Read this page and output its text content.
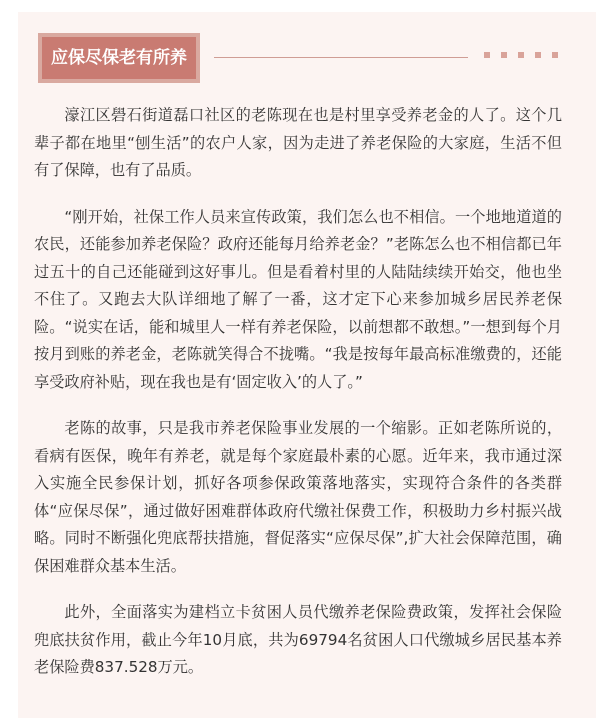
应保尽保老有所养

濠江区礐石街道磊口社区的老陈现在也是村里享受养老金的人了。这个几辈子都在地里“刨生活”的农户人家，因为走进了养老保险的大家庭，生活不但有了保障，也有了品质。

“刚开始，社保工作人员来宣传政策，我们怎么也不相信。一个地地道道的农民，还能参加养老保险？政府还能每月给养老金？”老陈怎么也不相信都已年过五十的自己还能碰到这好事儿。但是看着村里的人陆陆续续开始交，他也坐不住了。又跑去大队详细地了解了一番，这才定下心来参加城乡居民养老保险。“说实在话，能和城里人一样有养老保险，以前想都不敢想。”一想到每个月按月到账的养老金，老陈就笑得合不拢嘴。“我是按每年最高标准缴费的，还能享受政府补贴，现在我也是有‘固定收入’的人了。”

老陈的故事，只是我市养老保险事业发展的一个缩影。正如老陈所说的，看病有医保，晚年有养老，就是每个家庭最朴素的心愿。近年来，我市通过深入实施全民参保计划，抓好各项参保政策落地落实，实现符合条件的各类群体“应保尽保”，通过做好困难群体政府代缴社保费工作，积极助力乡村振兴战略。同时不断强化兜底帮扶措施，督促落实“应保尽保”,扩大社会保障范围，确保困难群众基本生活。

此外，全面落实为建档立卡贫困人员代缴养老保险费政策，发挥社会保险兜底扶贫作用，截止今年10月底，共为69794名贫困人口代缴城乡居民基本养老保险费837.528万元。
